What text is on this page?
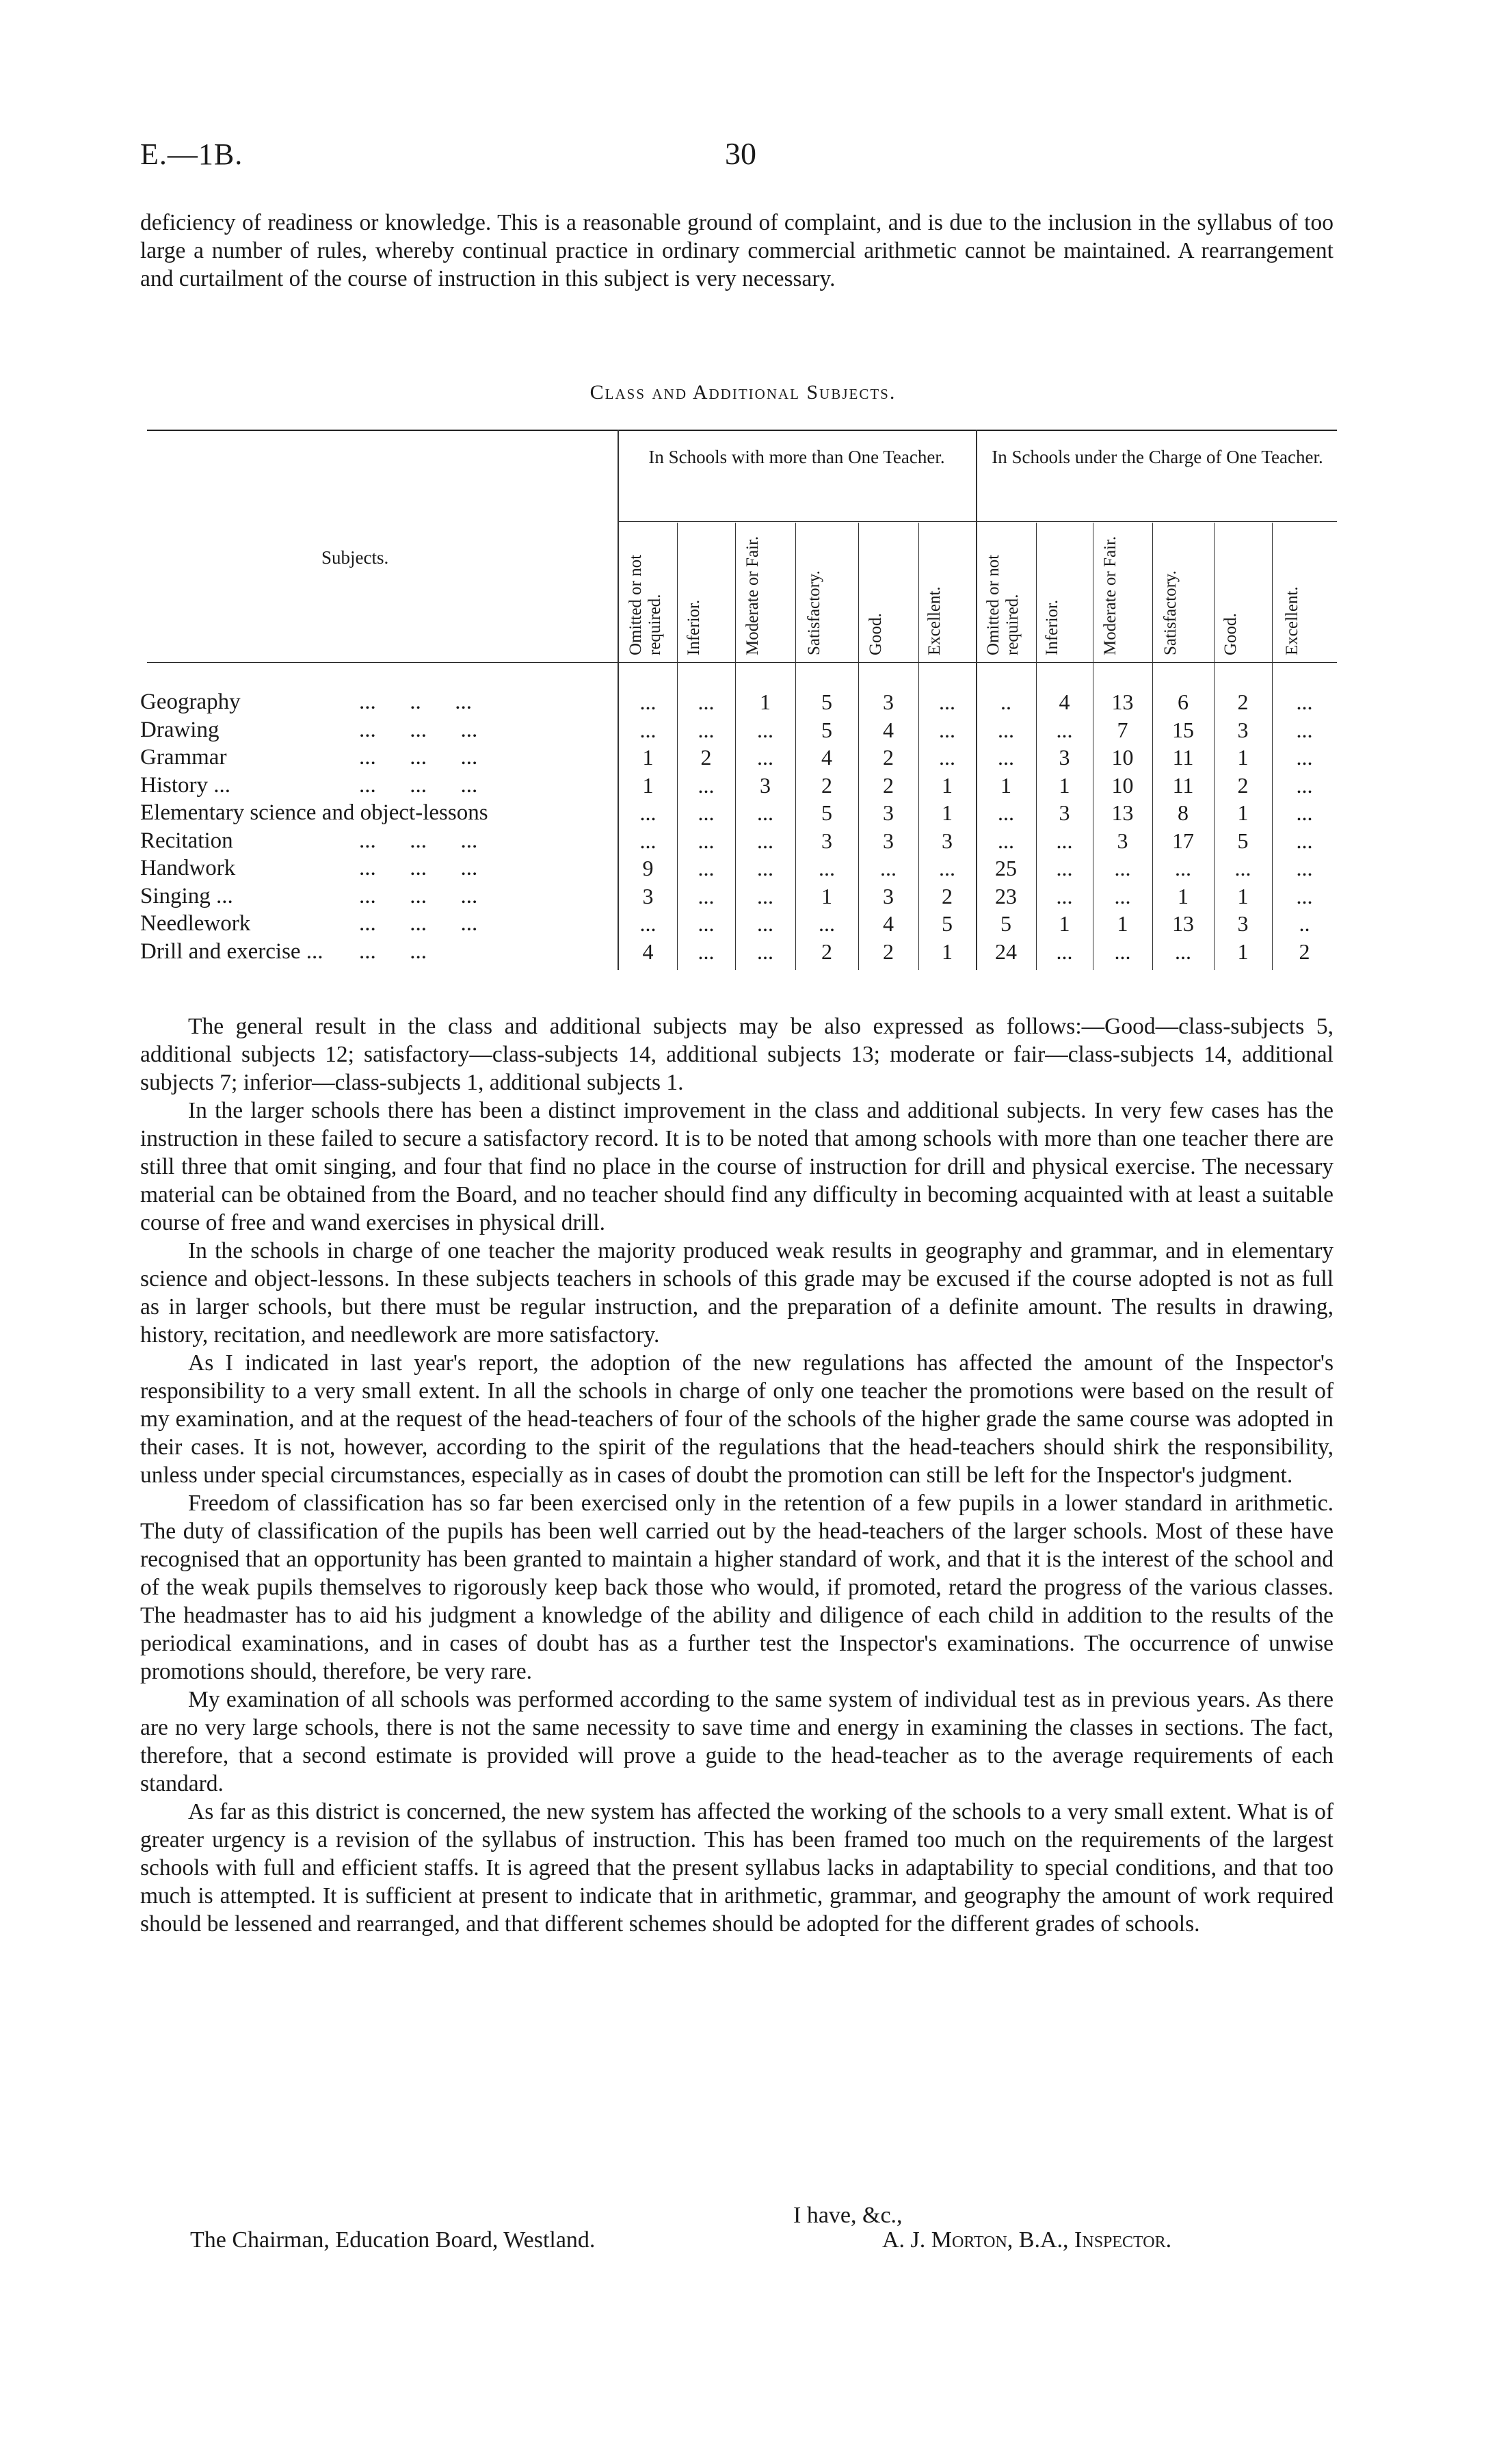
E.—1B.	30

deficiency of readiness or knowledge. This is a reasonable ground of complaint, and is due to the inclusion in the syllabus of too large a number of rules, whereby continual practice in ordinary commercial arithmetic cannot be maintained. A rearrangement and curtailment of the course of instruction in this subject is very necessary.

Class and Additional Subjects.
Subjects.
In Schools with more than One Teacher.	In Schools under the Charge of One Teacher.
Omitted or not required.	Inferior.	Moderate or Fair.	Satisfactory.	Good.	Excellent.	Omitted or not required.	Inferior.	Moderate or Fair.	Satisfactory.	Good.	Excellent.
Geography	...      ..      ...	...	...	1	5	3	...	..	4	13	6	2	...
Drawing	...      ...      ...	...	...	...	5	4	...	...	...	7	15	3	...
Grammar	...      ...      ...	1	2	...	4	2	...	...	3	10	11	1	...
History ...	...      ...      ...	1	...	3	2	2	1	1	1	10	11	2	...
Elementary science and object-lessons	...	...	...	5	3	1	...	3	13	8	1	...
Recitation	...      ...      ...	...	...	...	3	3	3	...	...	3	17	5	...
Handwork	...      ...      ...	9	...	...	...	...	...	25	...	...	...	...	...
Singing ...	...      ...      ...	3	...	...	1	3	2	23	...	...	1	1	...
Needlework	...      ...      ...	...	...	...	...	4	5	5	1	1	13	3	..
Drill and exercise ... ...      ...	4	...	...	2	2	1	24	...	...	...	1	2

The general result in the class and additional subjects may be also expressed as follows:—Good—class-subjects 5, additional subjects 12; satisfactory—class-subjects 14, additional subjects 13; moderate or fair—class-subjects 14, additional subjects 7; inferior—class-subjects 1, additional subjects 1.

In the larger schools there has been a distinct improvement in the class and additional subjects. In very few cases has the instruction in these failed to secure a satisfactory record. It is to be noted that among schools with more than one teacher there are still three that omit singing, and four that find no place in the course of instruction for drill and physical exercise. The necessary material can be obtained from the Board, and no teacher should find any difficulty in becoming acquainted with at least a suitable course of free and wand exercises in physical drill.

In the schools in charge of one teacher the majority produced weak results in geography and grammar, and in elementary science and object-lessons. In these subjects teachers in schools of this grade may be excused if the course adopted is not as full as in larger schools, but there must be regular instruction, and the preparation of a definite amount. The results in drawing, history, recitation, and needlework are more satisfactory.

As I indicated in last year's report, the adoption of the new regulations has affected the amount of the Inspector's responsibility to a very small extent. In all the schools in charge of only one teacher the promotions were based on the result of my examination, and at the request of the head-teachers of four of the schools of the higher grade the same course was adopted in their cases. It is not, however, according to the spirit of the regulations that the head-teachers should shirk the responsibility, unless under special circumstances, especially as in cases of doubt the promotion can still be left for the Inspector's judgment.

Freedom of classification has so far been exercised only in the retention of a few pupils in a lower standard in arithmetic. The duty of classification of the pupils has been well carried out by the head-teachers of the larger schools. Most of these have recognised that an opportunity has been granted to maintain a higher standard of work, and that it is the interest of the school and of the weak pupils themselves to rigorously keep back those who would, if promoted, retard the progress of the various classes. The headmaster has to aid his judgment a knowledge of the ability and diligence of each child in addition to the results of the periodical examinations, and in cases of doubt has as a further test the Inspector's examinations. The occurrence of unwise promotions should, therefore, be very rare.

My examination of all schools was performed according to the same system of individual test as in previous years. As there are no very large schools, there is not the same necessity to save time and energy in examining the classes in sections. The fact, therefore, that a second estimate is provided will prove a guide to the head-teacher as to the average requirements of each standard.

As far as this district is concerned, the new system has affected the working of the schools to a very small extent. What is of greater urgency is a revision of the syllabus of instruction. This has been framed too much on the requirements of the largest schools with full and efficient staffs. It is agreed that the present syllabus lacks in adaptability to special conditions, and that too much is attempted. It is sufficient at present to indicate that in arithmetic, grammar, and geography the amount of work required should be lessened and rearranged, and that different schemes should be adopted for the different grades of schools.

I have, &c.,
The Chairman, Education Board, Westland.	A. J. Morton, B.A., Inspector.
